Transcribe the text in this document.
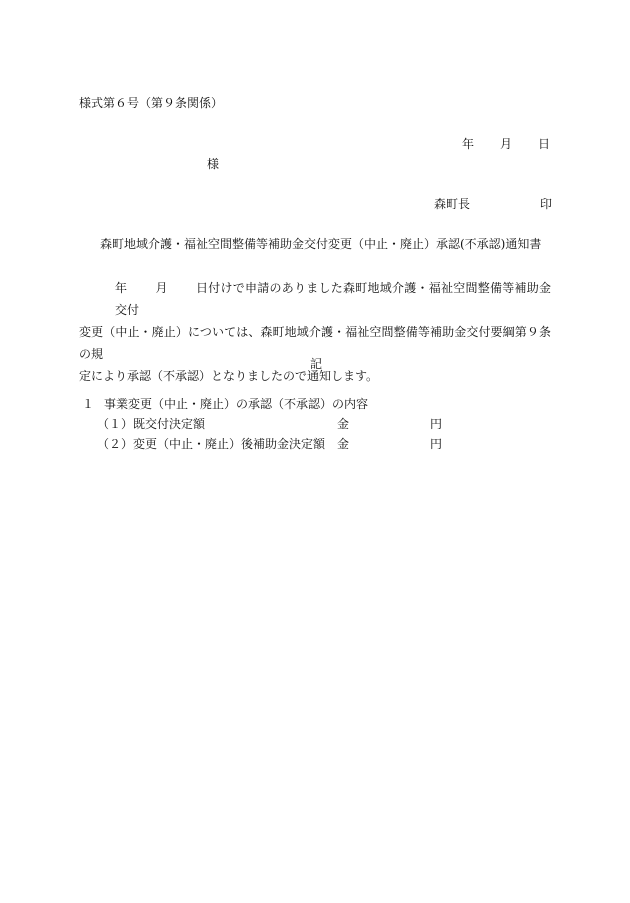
様式第６号（第９条関係）
年 月 日
様
森町長	印
森町地域介護・福祉空間整備等補助金交付変更（中止・廃止）承認(不承認)通知書
年 月 日付けで申請のありました森町地域介護・福祉空間整備等補助金交付
変更（中止・廃止）については、森町地域介護・福祉空間整備等補助金交付要綱第９条の規
定により承認（不承認）となりましたので通知します。
記
１ 事業変更（中止・廃止）の承認（不承認）の内容
（１）既交付決定額	金	円
（２）変更（中止・廃止）後補助金決定額 金	円
